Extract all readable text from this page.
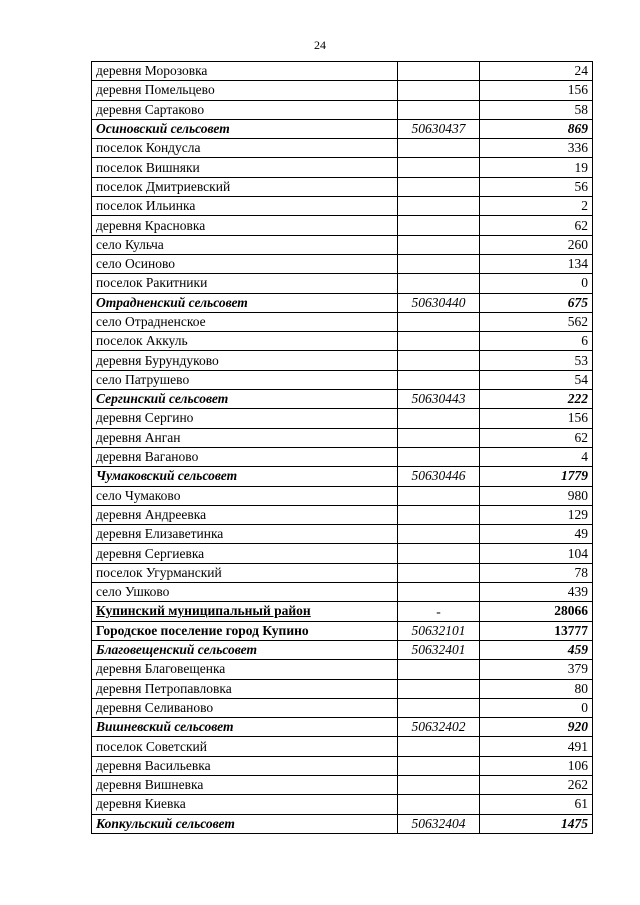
24
деревня Морозовка		24
деревня Помельцево		156
деревня Сартаково		58
Осиновский сельсовет	50630437	869
поселок Кондусла		336
поселок Вишняки		19
поселок Дмитриевский		56
поселок Ильинка		2
деревня Красновка		62
село Кульча		260
село Осиново		134
поселок Ракитники		0
Отрадненский сельсовет	50630440	675
село Отрадненское		562
поселок Аккуль		6
деревня Бурундуково		53
село Патрушево		54
Сергинский сельсовет	50630443	222
деревня Сергино		156
деревня Анган		62
деревня Ваганово		4
Чумаковский сельсовет	50630446	1779
село Чумаково		980
деревня Андреевка		129
деревня Елизаветинка		49
деревня Сергиевка		104
поселок Угурманский		78
село Ушково		439
Купинский муниципальный район	-	28066
Городское поселение город Купино	50632101	13777
Благовещенский сельсовет	50632401	459
деревня Благовещенка		379
деревня Петропавловка		80
деревня Селиваново		0
Вишневский сельсовет	50632402	920
поселок Советский		491
деревня Васильевка		106
деревня Вишневка		262
деревня Киевка		61
Копкульский сельсовет	50632404	1475
